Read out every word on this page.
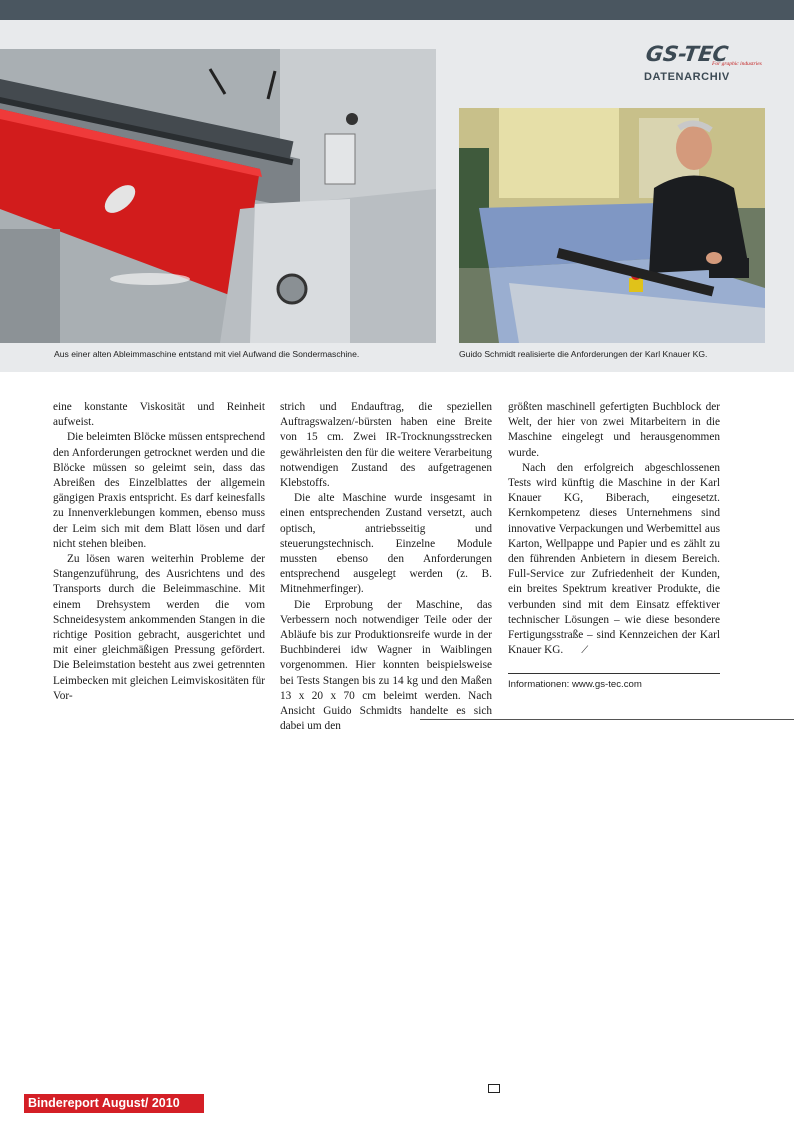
Aus einer alten Ableimmaschine entstand mit viel Aufwand die Sondermaschine.	Guido Schmidt realisierte die Anforderungen der Karl Knauer KG.
GS-TEC
For graphic industries
DATENARCHIV

eine konstante Viskosität und Reinheit aufweist.

Die beleimten Blöcke müssen entsprechend den Anforderungen getrocknet werden und die Blöcke müssen so geleimt sein, dass das Abreißen des Einzelblattes der allgemein gängigen Praxis entspricht. Es darf keinesfalls zu Innenverklebungen kommen, ebenso muss der Leim sich mit dem Blatt lösen und darf nicht stehen bleiben.

Zu lösen waren weiterhin Probleme der Stangenzuführung, des Ausrichtens und des Transports durch die Beleimmaschine. Mit einem Drehsystem werden die vom Schneidesystem ankommenden Stangen in die richtige Position gebracht, ausgerichtet und mit einer gleichmäßigen Pressung gefördert. Die Beleimstation besteht aus zwei getrennten Leimbecken mit gleichen Leimviskositäten für Vor-

strich und Endauftrag, die speziellen Auftragswalzen/-bürsten haben eine Breite von 15 cm. Zwei IR-Trocknungsstrecken gewährleisten den für die weitere Verarbeitung notwendigen Zustand des aufgetragenen Klebstoffs.

Die alte Maschine wurde insgesamt in einen entsprechenden Zustand versetzt, auch optisch, antriebsseitig und steuerungstechnisch. Einzelne Module mussten ebenso den Anforderungen entsprechend ausgelegt werden (z. B. Mitnehmerfinger).

Die Erprobung der Maschine, das Verbessern noch notwendiger Teile oder der Abläufe bis zur Produktionsreife wurde in der Buchbinderei idw Wagner in Waiblingen vorgenommen. Hier konnten beispielsweise bei Tests Stangen bis zu 14 kg und den Maßen 13 x 20 x 70 cm beleimt werden. Nach Ansicht Guido Schmidts handelte es sich dabei um den

größten maschinell gefertigten Buchblock der Welt, der hier von zwei Mitarbeitern in die Maschine eingelegt und herausgenommen wurde.

Nach den erfolgreich abgeschlossenen Tests wird künftig die Maschine in der Karl Knauer KG, Biberach, eingesetzt. Kernkompetenz dieses Unternehmens sind innovative Verpackungen und Werbemittel aus Karton, Wellpappe und Papier und es zählt zu den führenden Anbietern in diesem Bereich. Full-Service zur Zufriedenheit der Kunden, ein breites Spektrum kreativer Produkte, die verbunden sind mit dem Einsatz effektiver technischer Lösungen – wie diese besondere Fertigungsstraße – sind Kennzeichen der Karl Knauer KG. ⟋

Informationen: www.gs-tec.com
Bindereport August/ 2010
